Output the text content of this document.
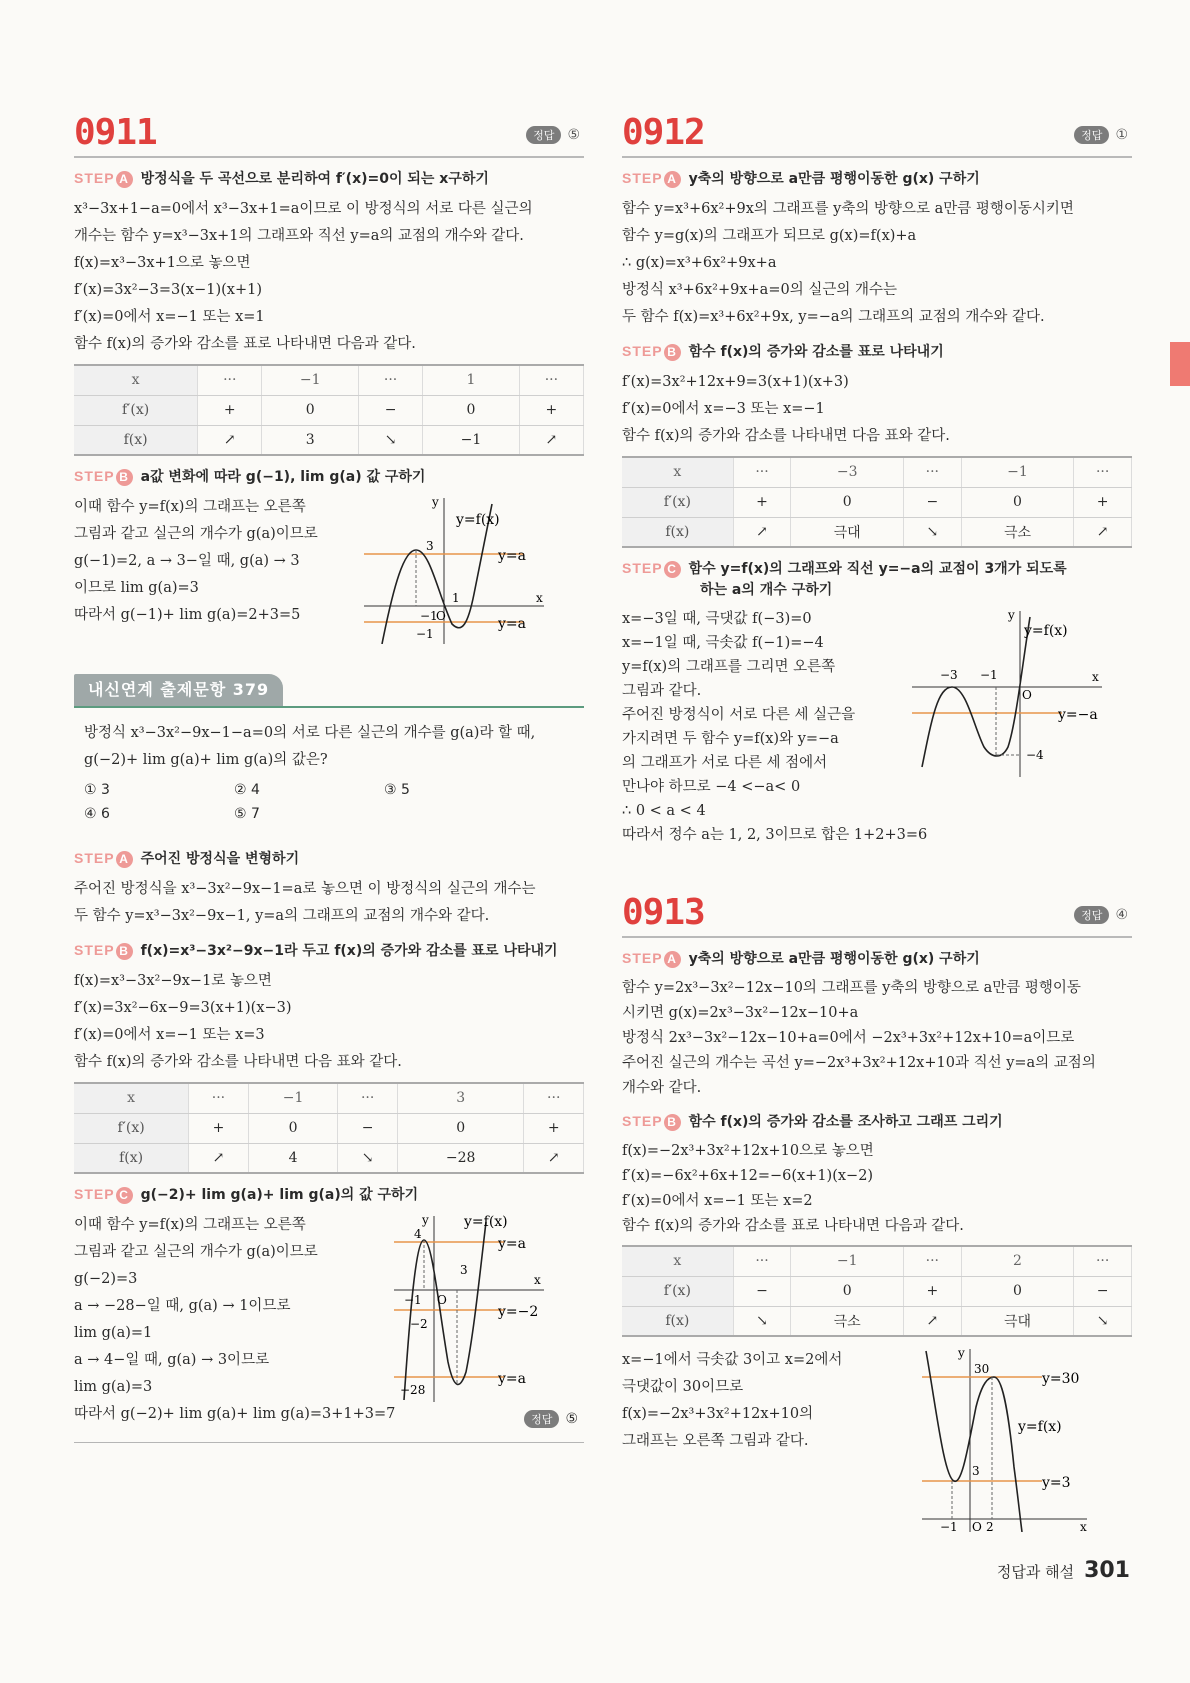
0911	정답 ⑤
STEP A 방정식을 두 곡선으로 분리하여 f′(x)=0이 되는 x구하기
x³−3x+1−a=0에서 x³−3x+1=a이므로 이 방정식의 서로 다른 실근의
개수는 함수 y=x³−3x+1의 그래프와 직선 y=a의 교점의 개수와 같다.
f(x)=x³−3x+1으로 놓으면
f′(x)=3x²−3=3(x−1)(x+1)
f′(x)=0에서 x=−1 또는 x=1
함수 f(x)의 증가와 감소를 표로 나타내면 다음과 같다.
x	···	−1	···	1	···
f′(x)	+	0	−	0	+
f(x)	↗	3	↘	−1	↗
STEP B a값 변화에 따라 g(−1), lim g(a) 값 구하기
이때 함수 y=f(x)의 그래프는 오른쪽
그림과 같고 실근의 개수가 g(a)이므로
g(−1)=2, a → 3−일 때, g(a) → 3
이므로 lim g(a)=3
따라서 g(−1)+ lim g(a)=2+3=5
y=f(x)
y=a
y=a
3
1
−1
O
−1
x
y
내신연계 출제문항 379
방정식 x³−3x²−9x−1−a=0의 서로 다른 실근의 개수를 g(a)라 할 때,
g(−2)+ lim g(a)+ lim g(a)의 값은?
① 3	② 4	③ 5
④ 6	⑤ 7
STEP A 주어진 방정식을 변형하기
주어진 방정식을 x³−3x²−9x−1=a로 놓으면 이 방정식의 실근의 개수는
두 함수 y=x³−3x²−9x−1, y=a의 그래프의 교점의 개수와 같다.
STEP B f(x)=x³−3x²−9x−1라 두고 f(x)의 증가와 감소를 표로 나타내기
f(x)=x³−3x²−9x−1로 놓으면
f′(x)=3x²−6x−9=3(x+1)(x−3)
f′(x)=0에서 x=−1 또는 x=3
함수 f(x)의 증가와 감소를 나타내면 다음 표와 같다.
x	···	−1	···	3	···
f′(x)	+	0	−	0	+
f(x)	↗	4	↘	−28	↗
STEP C g(−2)+ lim g(a)+ lim g(a)의 값 구하기
이때 함수 y=f(x)의 그래프는 오른쪽
그림과 같고 실근의 개수가 g(a)이므로
g(−2)=3
a → −28−일 때, g(a) → 1이므로
lim g(a)=1
a → 4−일 때, g(a) → 3이므로
lim g(a)=3
따라서 g(−2)+ lim g(a)+ lim g(a)=3+1+3=7	정답 ⑤
y=f(x)
y=a
y=−2
y=a
4
3
−1 O
−2
−28
x
y
0912	정답 ①
STEP A y축의 방향으로 a만큼 평행이동한 g(x) 구하기
함수 y=x³+6x²+9x의 그래프를 y축의 방향으로 a만큼 평행이동시키면
함수 y=g(x)의 그래프가 되므로 g(x)=f(x)+a
∴ g(x)=x³+6x²+9x+a
방정식 x³+6x²+9x+a=0의 실근의 개수는
두 함수 f(x)=x³+6x²+9x, y=−a의 그래프의 교점의 개수와 같다.
STEP B 함수 f(x)의 증가와 감소를 표로 나타내기
f′(x)=3x²+12x+9=3(x+1)(x+3)
f′(x)=0에서 x=−3 또는 x=−1
함수 f(x)의 증가와 감소를 나타내면 다음 표와 같다.
x	···	−3	···	−1	···
f′(x)	+	0	−	0	+
f(x)	↗	극대	↘	극소	↗
STEP C 함수 y=f(x)의 그래프와 직선 y=−a의 교점이 3개가 되도록
하는 a의 개수 구하기
x=−3일 때, 극댓값 f(−3)=0
x=−1일 때, 극솟값 f(−1)=−4
y=f(x)의 그래프를 그리면 오른쪽
그림과 같다.
주어진 방정식이 서로 다른 세 실근을
가지려면 두 함수 y=f(x)와 y=−a
의 그래프가 서로 다른 세 점에서
만나야 하므로 −4 <−a< 0
∴ 0 < a < 4
따라서 정수 a는 1, 2, 3이므로 합은 1+2+3=6
y=f(x)
y=−a
−3 −1
O
−4
x
y
0913	정답 ④
STEP A y축의 방향으로 a만큼 평행이동한 g(x) 구하기
함수 y=2x³−3x²−12x−10의 그래프를 y축의 방향으로 a만큼 평행이동
시키면 g(x)=2x³−3x²−12x−10+a
방정식 2x³−3x²−12x−10+a=0에서 −2x³+3x²+12x+10=a이므로
주어진 실근의 개수는 곡선 y=−2x³+3x²+12x+10과 직선 y=a의 교점의
개수와 같다.
STEP B 함수 f(x)의 증가와 감소를 조사하고 그래프 그리기
f(x)=−2x³+3x²+12x+10으로 놓으면
f′(x)=−6x²+6x+12=−6(x+1)(x−2)
f′(x)=0에서 x=−1 또는 x=2
함수 f(x)의 증가와 감소를 표로 나타내면 다음과 같다.
x	···	−1	···	2	···
f′(x)	−	0	+	0	−
f(x)	↘	극소	↗	극대	↘
x=−1에서 극솟값 3이고 x=2에서
극댓값이 30이므로
f(x)=−2x³+3x²+12x+10의
그래프는 오른쪽 그림과 같다.
y=f(x)
y=30
y=3
30
3
−1 O 2	x
y
정답과 해설 301
